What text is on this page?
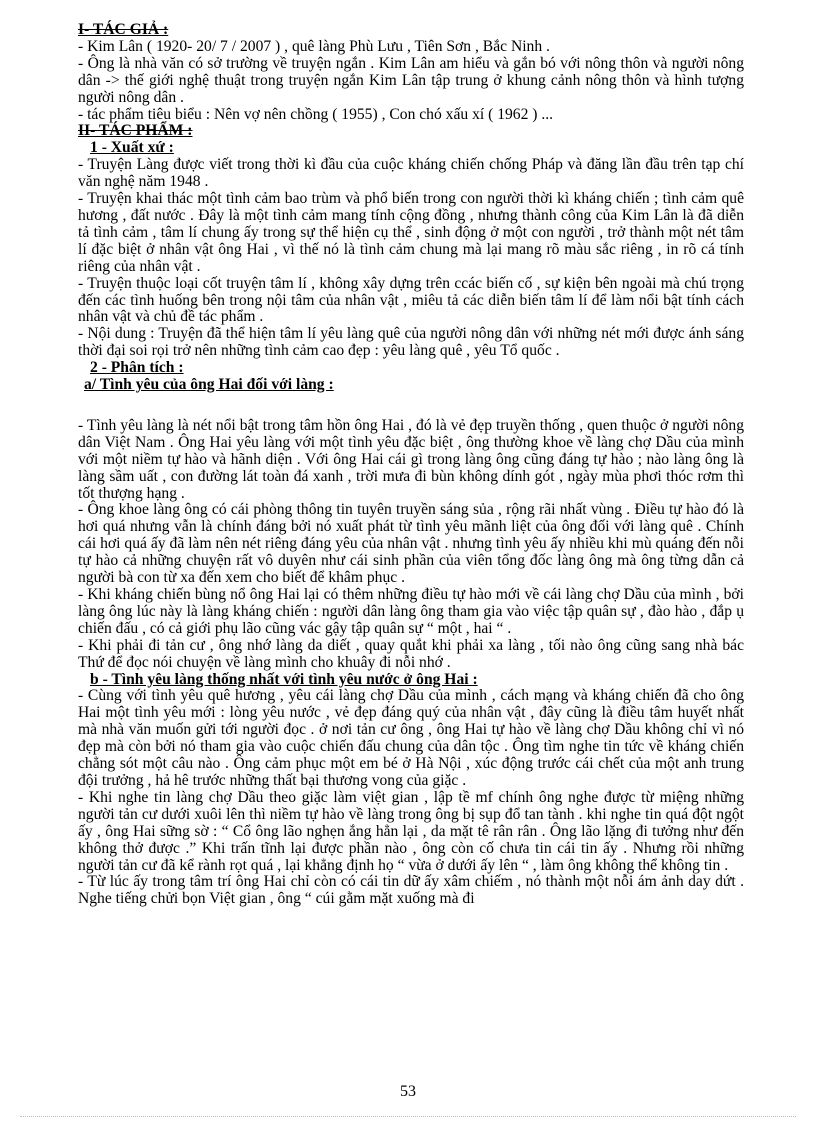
I- TÁC GIẢ :

- Kim Lân ( 1920- 20/ 7 / 2007 ) , quê làng Phù Lưu , Tiên Sơn , Bắc Ninh .

- Ông là nhà văn có sở trường về truyện ngắn . Kim Lân am hiểu và gắn bó với nông thôn và người nông dân -> thế giới nghệ thuật trong truyện ngắn Kim Lân tập trung ở khung cảnh nông thôn và hình tượng người nông dân .

- tác phẩm tiêu biểu : Nên vợ nên chồng ( 1955) , Con chó xấu xí ( 1962 ) ...

II- TÁC PHẨM :

1 - Xuất xứ :

- Truyện Làng được viết trong thời kì đầu của cuộc kháng chiến chống Pháp và đăng lần đầu trên tạp chí văn nghệ năm 1948 .

- Truyện khai thác một tình cảm bao trùm và phổ biến trong con người thời kì kháng chiến ; tình cảm quê hương , đất nước . Đây là một tình cảm mang tính cộng đồng , nhưng thành công của Kim Lân là đã diễn tả tình cảm , tâm lí chung ấy trong sự thể hiện cụ thể , sinh động ở một con người , trở thành một nét tâm lí đặc biệt ở nhân vật ông Hai , vì thế nó là tình cảm chung mà lại mang rõ màu sắc riêng , in rõ cá tính riêng của nhân vật .

- Truyện thuộc loại cốt truyện tâm lí , không xây dựng trên ccác biến cố , sự kiện bên ngoài mà chú trọng đến các tình huống bên trong nội tâm của nhân vật , miêu tả các diễn biến tâm lí để làm nổi bật tính cách nhân vật và chủ đề tác phẩm .

- Nội dung : Truyện đã thể hiện tâm lí yêu làng quê của người nông dân với những nét mới được ánh sáng thời đại soi rọi trở nên những tình cảm cao đẹp : yêu làng quê , yêu Tổ quốc .

2 - Phân tích :

a/ Tình yêu của ông Hai đối với làng :

- Tình yêu làng là nét nổi bật trong tâm hồn ông Hai , đó là vẻ đẹp truyền thống , quen thuộc ở người nông dân Việt Nam . Ông Hai yêu làng với một tình yêu đặc biệt , ông thường khoe về làng chợ Dầu của mình với một niềm tự hào và hãnh diện . Với ông Hai cái gì trong làng ông cũng đáng tự hào ; nào làng ông là làng sầm uất , con đường lát toàn đá xanh , trời mưa đi bùn không dính gót , ngày mùa phơi thóc rơm thì tốt thượng hạng .

- Ông khoe làng ông có cái phòng thông tin tuyên truyền sáng sủa , rộng rãi nhất vùng . Điều tự hào đó là hơi quá nhưng vẫn là chính đáng bởi nó xuất phát từ tình yêu mãnh liệt của ông đối với làng quê . Chính cái hơi quá ấy đã làm nên nét riêng đáng yêu của nhân vật . nhưng tình yêu ấy nhiều khi mù quáng đến nỗi tự hào cả những chuyện rất vô duyên như cái sinh phần của viên tổng đốc làng ông mà ông từng dẫn cả người bà con từ xa đến xem cho biết để khâm phục .

- Khi kháng chiến bùng nổ ông Hai lại có thêm những điều tự hào mới về cái làng chợ Dầu của mình , bởi làng ông lúc này là làng kháng chiến : người dân làng ông tham gia vào việc tập quân sự , đào hào , đắp ụ chiến đấu , có cả giới phụ lão cũng vác gậy tập quân sự “ một , hai “ .

- Khi phải đi tản cư , ông nhớ làng da diết , quay quắt khi phải xa làng , tối nào ông cũng sang nhà bác Thứ để đọc nói chuyện về làng mình cho khuây đi nỗi nhớ .

b - Tình yêu làng thống nhất với tình yêu nước ở ông Hai :

- Cùng với tình yêu quê hương , yêu cái làng chợ Dầu của mình , cách mạng và kháng chiến đã cho ông Hai một tình yêu mới : lòng yêu nước , vẻ đẹp đáng quý của nhân vật , đây cũng là điều tâm huyết nhất mà nhà văn muốn gửi tới người đọc . ở nơi tản cư ông , ông Hai tự hào về làng chợ Dầu không chỉ vì nó đẹp mà còn bởi nó tham gia vào cuộc chiến đấu chung của dân tộc . Ông tìm nghe tin tức về kháng chiến chẳng sót một câu nào . Ông cảm phục một em bé ở Hà Nội , xúc động trước cái chết của một anh trung đội trưởng , hả hê trước những thất bại thương vong của giặc .

- Khi nghe tin làng chợ Dầu theo giặc làm việt gian , lập tề mf chính ông nghe được từ miệng những người tản cư dưới xuôi lên thì niềm tự hào về làng trong ông bị sụp đổ tan tành . khi nghe tin quá đột ngột ấy , ông Hai sững sờ : “ Cổ ông lão nghẹn ắng hẳn lại , da mặt tê rân rân . Ông lão lặng đi tưởng như đến không thở được .” Khi trấn tĩnh lại được phần nào , ông còn cố chưa tin cái tin ấy . Nhưng rồi những người tản cư đã kể rành rọt quá , lại khẳng định họ “ vừa ở dưới ấy lên “ , làm ông không thể không tin .

- Từ lúc ấy trong tâm trí ông Hai chỉ còn có cái tin dữ ấy xâm chiếm , nó thành một nỗi ám ảnh day dứt . Nghe tiếng chửi bọn Việt gian , ông “ cúi gằm mặt xuống mà đi

53
